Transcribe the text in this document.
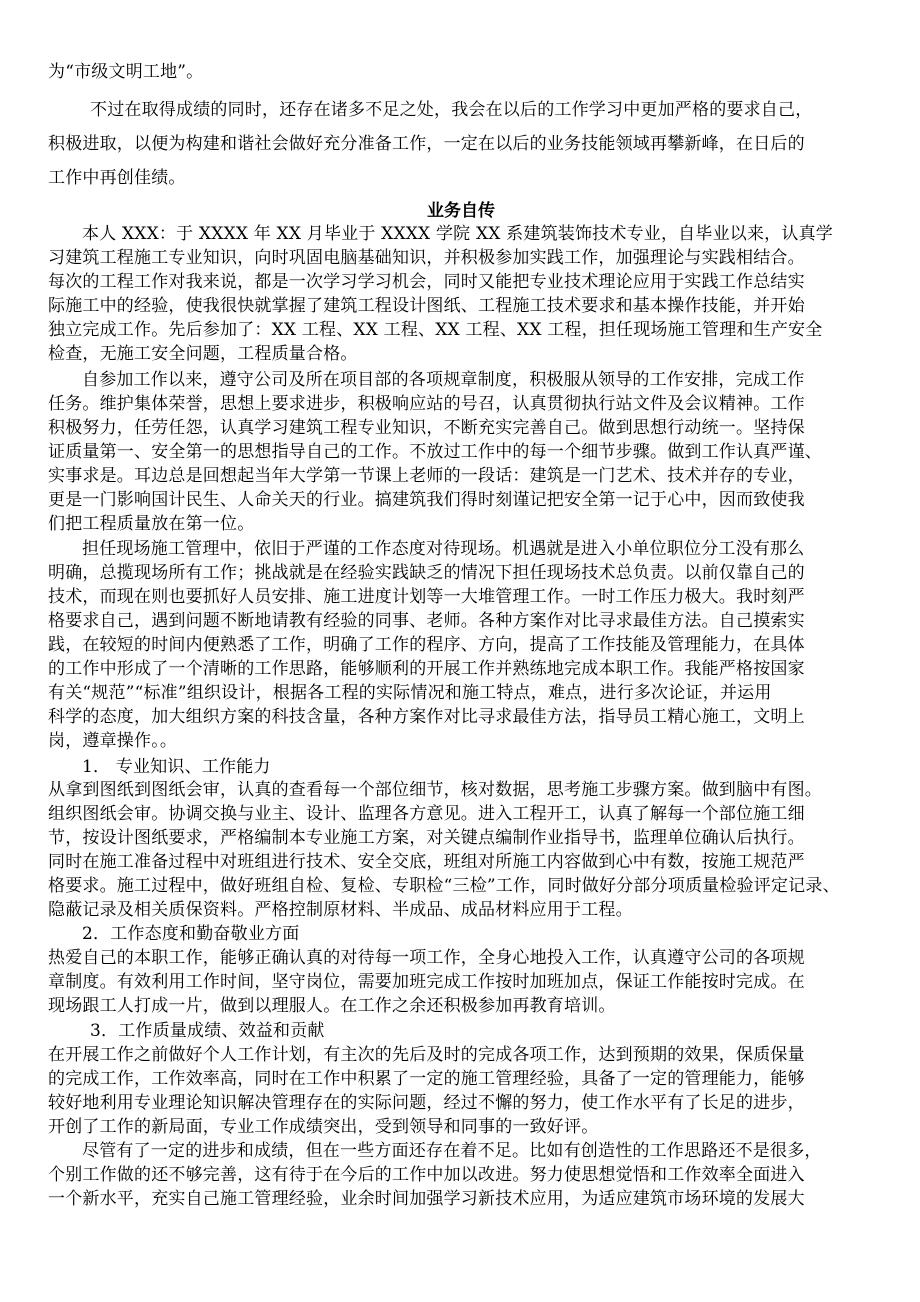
为“市级文明工地”。
不过在取得成绩的同时，还存在诸多不足之处，我会在以后的工作学习中更加严格的要求自己，
积极进取，以便为构建和谐社会做好充分准备工作，一定在以后的业务技能领域再攀新峰，在日后的
工作中再创佳绩。
业务自传
本人 XXX：于 XXXX 年 XX 月毕业于 XXXX 学院 XX 系建筑装饰技术专业，自毕业以来，认真学
习建筑工程施工专业知识，向时巩固电脑基础知识，并积极参加实践工作，加强理论与实践相结合。
每次的工程工作对我来说，都是一次学习学习机会，同时又能把专业技术理论应用于实践工作总结实
际施工中的经验，使我很快就掌握了建筑工程设计图纸、工程施工技术要求和基本操作技能，并开始
独立完成工作。先后参加了：XX 工程、XX 工程、XX 工程、XX 工程，担任现场施工管理和生产安全
检查，无施工安全问题，工程质量合格。
自参加工作以来，遵守公司及所在项目部的各项规章制度，积极服从领导的工作安排，完成工作
任务。维护集体荣誉，思想上要求进步，积极响应站的号召，认真贯彻执行站文件及会议精神。工作
积极努力，任劳任怨，认真学习建筑工程专业知识，不断充实完善自己。做到思想行动统一。坚持保
证质量第一、安全第一的思想指导自己的工作。不放过工作中的每一个细节步骤。做到工作认真严谨、
实事求是。耳边总是回想起当年大学第一节课上老师的一段话：建筑是一门艺术、技术并存的专业，
更是一门影响国计民生、人命关天的行业。搞建筑我们得时刻谨记把安全第一记于心中，因而致使我
们把工程质量放在第一位。
担任现场施工管理中，依旧于严谨的工作态度对待现场。机遇就是进入小单位职位分工没有那么
明确，总揽现场所有工作；挑战就是在经验实践缺乏的情况下担任现场技术总负责。以前仅靠自己的
技术，而现在则也要抓好人员安排、施工进度计划等一大堆管理工作。一时工作压力极大。我时刻严
格要求自己，遇到问题不断地请教有经验的同事、老师。各种方案作对比寻求最佳方法。自己摸索实
践，在较短的时间内便熟悉了工作，明确了工作的程序、方向，提高了工作技能及管理能力，在具体
的工作中形成了一个清晰的工作思路，能够顺利的开展工作并熟练地完成本职工作。我能严格按国家
有关“规范”“标准”组织设计，根据各工程的实际情况和施工特点，难点，进行多次论证，并运用
科学的态度，加大组织方案的科技含量，各种方案作对比寻求最佳方法，指导员工精心施工，文明上
岗，遵章操作。。
1． 专业知识、工作能力
从拿到图纸到图纸会审，认真的查看每一个部位细节，核对数据，思考施工步骤方案。做到脑中有图。
组织图纸会审。协调交换与业主、设计、监理各方意见。进入工程开工，认真了解每一个部位施工细
节，按设计图纸要求，严格编制本专业施工方案，对关键点编制作业指导书，监理单位确认后执行。
同时在施工准备过程中对班组进行技术、安全交底，班组对所施工内容做到心中有数，按施工规范严
格要求。施工过程中，做好班组自检、复检、专职检“三检”工作，同时做好分部分项质量检验评定记录、
隐蔽记录及相关质保资料。严格控制原材料、半成品、成品材料应用于工程。
2．工作态度和勤奋敬业方面
热爱自己的本职工作，能够正确认真的对待每一项工作，全身心地投入工作，认真遵守公司的各项规
章制度。有效利用工作时间，坚守岗位，需要加班完成工作按时加班加点，保证工作能按时完成。在
现场跟工人打成一片，做到以理服人。在工作之余还积极参加再教育培训。
3．工作质量成绩、效益和贡献
在开展工作之前做好个人工作计划，有主次的先后及时的完成各项工作，达到预期的效果，保质保量
的完成工作，工作效率高，同时在工作中积累了一定的施工管理经验，具备了一定的管理能力，能够
较好地利用专业理论知识解决管理存在的实际问题，经过不懈的努力，使工作水平有了长足的进步，
开创了工作的新局面，专业工作成绩突出，受到领导和同事的一致好评。
尽管有了一定的进步和成绩，但在一些方面还存在着不足。比如有创造性的工作思路还不是很多，
个别工作做的还不够完善，这有待于在今后的工作中加以改进。努力使思想觉悟和工作效率全面进入
一个新水平，充实自己施工管理经验，业余时间加强学习新技术应用，为适应建筑市场环境的发展大
